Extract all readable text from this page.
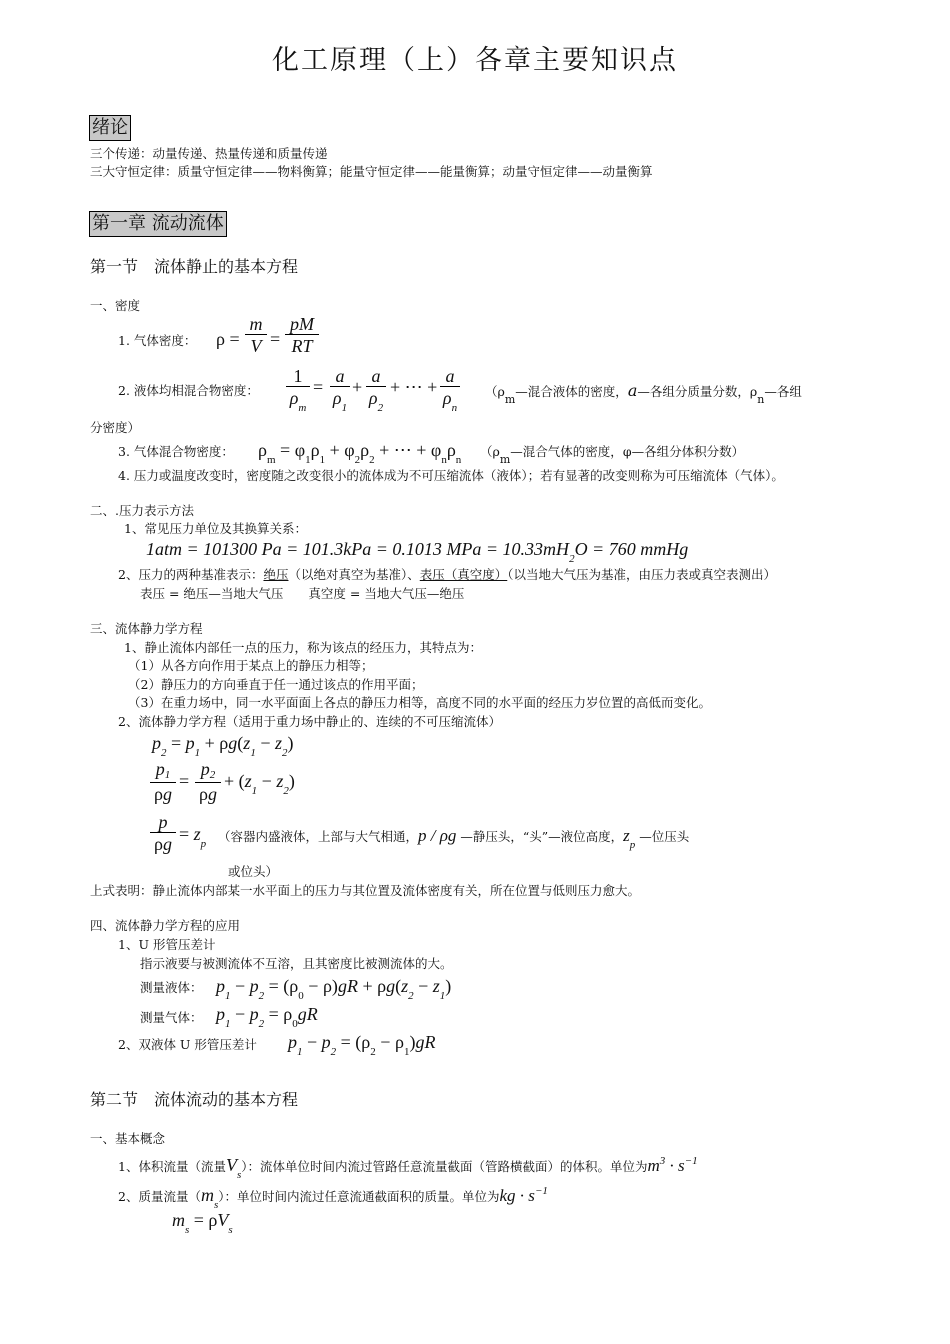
化工原理（上）各章主要知识点
绪论
三个传递：动量传递、热量传递和质量传递
三大守恒定律：质量守恒定律——物料衡算；能量守恒定律——能量衡算；动量守恒定律——动量衡算
第一章 流动流体
第一节　流体静止的基本方程
一、密度
1. 气体密度： $\rho = \frac{m}{V} = \frac{pM}{RT}$
2. 液体均相混合物密度： $\frac{1}{\rho_m} = \frac{a}{\rho_1} + \frac{a}{\rho_2}$ + ⋯ + $\frac{a}{\rho_n}$ （ρm—混合液体的密度，a—各组分质量分数，ρn—各组
分密度）
3. 气体混合物密度： $\rho_m = \varphi_1\rho_1 + \varphi_2\rho_2$ + ⋯ + $\varphi_n\rho_n$
（ρm—混合气体的密度，φ—各组分体积分数）
4. 压力或温度改变时，密度随之改变很小的流体成为不可压缩流体（液体）；若有显著的改变则称为可压缩流体（气体）。
二、.压力表示方法
1、常见压力单位及其换算关系：
1atm = 101300 Pa = 101.3kPa = 0.1013 MPa = $10.33mH_2O = 760$ mmHg
2、压力的两种基准表示：绝压（以绝对真空为基准）、表压（真空度）（以当地大气压为基准，由压力表或真空表测出）
表压 = 绝压—当地大气压　　真空度 = 当地大气压—绝压
三、流体静力学方程
1、静止流体内部任一点的压力，称为该点的经压力，其特点为：
（1）从各方向作用于某点上的静压力相等；
（2）静压力的方向垂直于任一通过该点的作用平面；
（3）在重力场中，同一水平面面上各点的静压力相等，高度不同的水平面的经压力岁位置的高低而变化。
2、流体静力学方程（适用于重力场中静止的、连续的不可压缩流体）
$p_2 = p_1 + \rho g(z_1 - z_2)$
$\frac{p1}{\rho g} = \frac{p2}{\rho g} + (z_1 - z_2)$
$\frac{p}{\rho g} = z_p$ （容器内盛液体，上部与大气相通，p / ρg —静压头，“头”—液位高度，$z_p$ —位压头
或位头）
上式表明：静止流体内部某一水平面上的压力与其位置及流体密度有关，所在位置与低则压力愈大。
四、流体静力学方程的应用
1、U 形管压差计
指示液要与被测流体不互溶，且其密度比被测流体的大。
测量液体： $p_1 - p_2 = (\rho_0 - \rho)gR + \rho g(z_2 - z_1)$
测量气体： $p_1 - p_2 = \rho_0gR$
2、双液体 U 形管压差计 $p_1 - p_2 = (\rho_2 - \rho_1)gR$
第二节　流体流动的基本方程
一、基本概念
1、体积流量（流量$V_s$）：流体单位时间内流过管路任意流量截面（管路横截面）的体积。单位为$m^3 \cdot s^{-1}$
2、质量流量$(m_s)$：单位时间内流过任意流通截面积的质量。单位为kg · $s^{-1}$
$m_s = \rho V_s$
